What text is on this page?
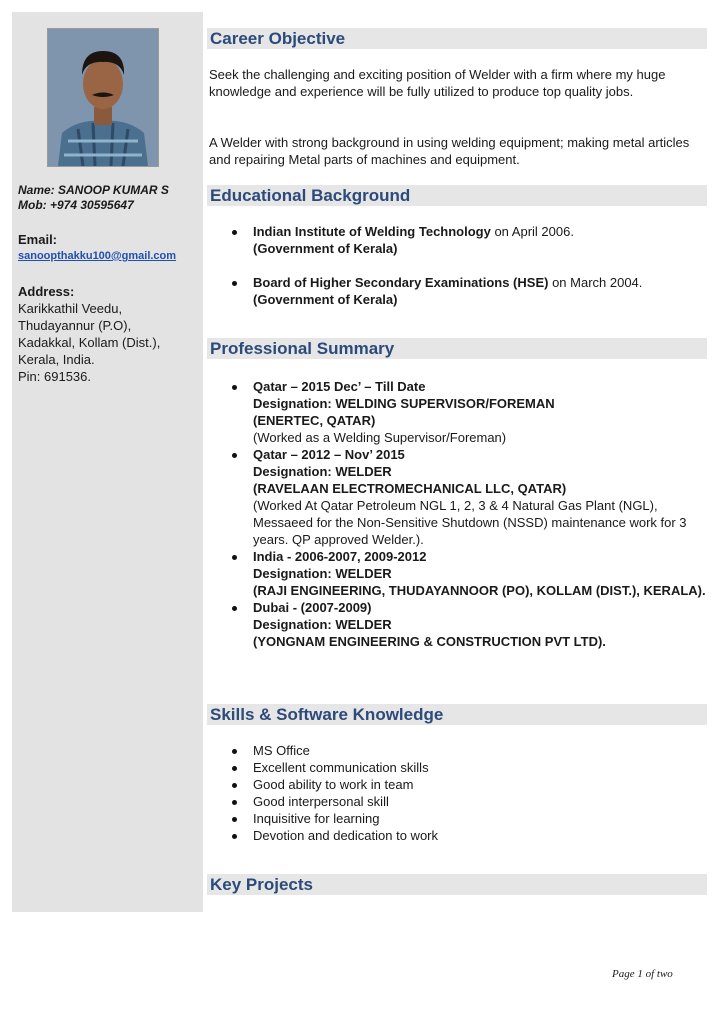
Name: SANOOP KUMAR S
Mob: +974 30595647
Email:
sanoopthakku100@gmail.com
Address:
Karikkathil Veedu,
Thudayannur (P.O),
Kadakkal, Kollam (Dist.),
Kerala, India.
Pin: 691536.
Career Objective
Seek the challenging and exciting position of Welder with a firm where my huge knowledge and experience will be fully utilized to produce top quality jobs.
A Welder with strong background in using welding equipment; making metal articles and repairing Metal parts of machines and equipment.
Educational Background
Indian Institute of Welding Technology on April 2006.
(Government of Kerala)
Board of Higher Secondary Examinations (HSE) on March 2004.
(Government of Kerala)
Professional Summary
Qatar – 2015 Dec’ – Till Date
Designation: WELDING SUPERVISOR/FOREMAN
(ENERTEC, QATAR)
(Worked as a Welding Supervisor/Foreman)
Qatar – 2012 – Nov’ 2015
Designation: WELDER
(RAVELAAN ELECTROMECHANICAL LLC, QATAR)
(Worked At Qatar Petroleum NGL 1, 2, 3 & 4 Natural Gas Plant (NGL), Messaeed for the Non-Sensitive Shutdown (NSSD) maintenance work for 3 years. QP approved Welder.).
India - 2006-2007, 2009-2012
Designation: WELDER
(RAJI ENGINEERING, THUDAYANNOOR (PO), KOLLAM (DIST.), KERALA).
Dubai - (2007-2009)
Designation: WELDER
(YONGNAM ENGINEERING & CONSTRUCTION PVT LTD).
Skills & Software Knowledge
MS Office
Excellent communication skills
Good ability to work in team
Good interpersonal skill
Inquisitive for learning
Devotion and dedication to work
Key Projects
Page 1 of two
